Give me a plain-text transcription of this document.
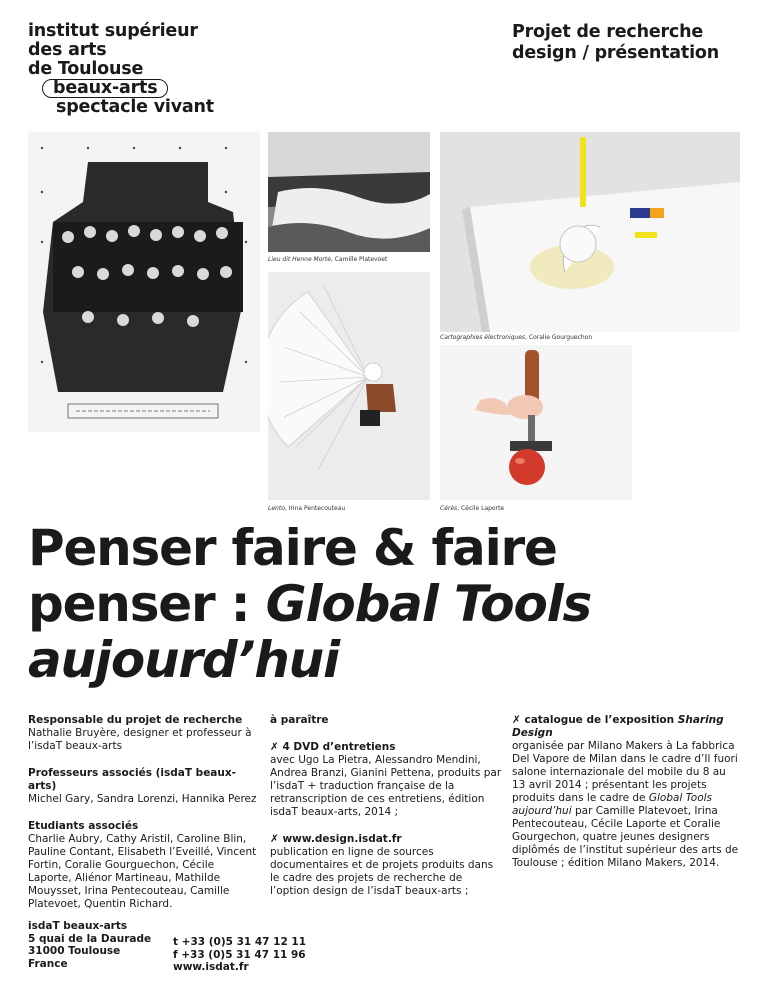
institut supérieur
des arts
de Toulouse
beaux-arts
spectacle vivant
Projet de recherche
design / présentation
Lieu dit Henne Morte, Camille Platevoet
Cartographies électroniques, Coralie Gourguechon
Lento, Irina Pentecouteau	Cérès, Cécile Laporte
Penser faire & faire
penser : Global Tools
aujourd’hui

Responsable du projet de recherche
Nathalie Bruyère, designer et professeur à l’isdaT beaux-arts

Professeurs associés (isdaT beaux-arts)
Michel Gary, Sandra Lorenzi, Hannika Perez

Etudiants associés
Charlie Aubry, Cathy Aristil, Caroline Blin, Pauline Contant, Elisabeth l’Eveillé, Vincent Fortin, Coralie Gourguechon, Cécile Laporte, Aliénor Martineau, Mathilde Mouysset, Irina Pentecouteau, Camille Platevoet, Quentin Richard.

à paraître

✗ 4 DVD d’entretiens
avec Ugo La Pietra, Alessandro Mendini, Andrea Branzi, Gianini Pettena, produits par l’isdaT + traduction française de la retranscription de ces entretiens, édition isdaT beaux-arts, 2014 ;

✗ www.design.isdat.fr
publication en ligne de sources documentaires et de projets produits dans le cadre des projets de recherche de l’option design de l’isdaT beaux-arts ;

✗ catalogue de l’exposition Sharing Design
organisée par Milano Makers à La fabbrica Del Vapore de Milan dans le cadre d’Il fuori salone internazionale del mobile du 8 au 13 avril 2014 ; présentant les projets produits dans le cadre de Global Tools aujourd’hui par Camille Platevoet, Irina Pentecouteau, Cécile Laporte et Coralie Gourgechon, quatre jeunes designers diplômés de l’institut supérieur des arts de Toulouse ; édition Milano Makers, 2014.

isdaT beaux-arts
5 quai de la Daurade
31000 Toulouse
France
t +33 (0)5 31 47 12 11
f +33 (0)5 31 47 11 96
www.isdat.fr
